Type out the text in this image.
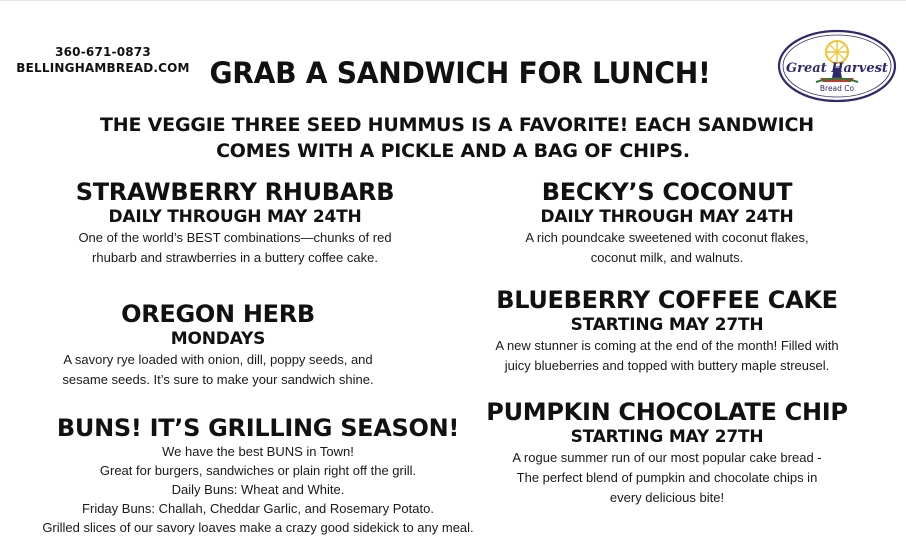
360-671-0873
BELLINGHAMBREAD.COM GRAB A SANDWICH FOR LUNCH!
THE VEGGIE THREE SEED HUMMUS IS A FAVORITE! EACH SANDWICH
COMES WITH A PICKLE AND A BAG OF CHIPS.
Great Harvest
Bread Co
STRAWBERRY RHUBARB
DAILY THROUGH MAY 24TH
One of the world’s BEST combinations—chunks of red
rhubarb and strawberries in a buttery coffee cake.
OREGON HERB
MONDAYS
A savory rye loaded with onion, dill, poppy seeds, and
sesame seeds. It’s sure to make your sandwich shine.
BUNS! IT’S GRILLING SEASON!
We have the best BUNS in Town!
Great for burgers, sandwiches or plain right off the grill.
Daily Buns: Wheat and White.
Friday Buns: Challah, Cheddar Garlic, and Rosemary Potato.
Grilled slices of our savory loaves make a crazy good sidekick to any meal.
BECKY’S COCONUT
DAILY THROUGH MAY 24TH
A rich poundcake sweetened with coconut flakes,
coconut milk, and walnuts.
BLUEBERRY COFFEE CAKE
STARTING MAY 27TH
A new stunner is coming at the end of the month! Filled with
juicy blueberries and topped with buttery maple streusel.
PUMPKIN CHOCOLATE CHIP
STARTING MAY 27TH
A rogue summer run of our most popular cake bread -
The perfect blend of pumpkin and chocolate chips in
every delicious bite!
